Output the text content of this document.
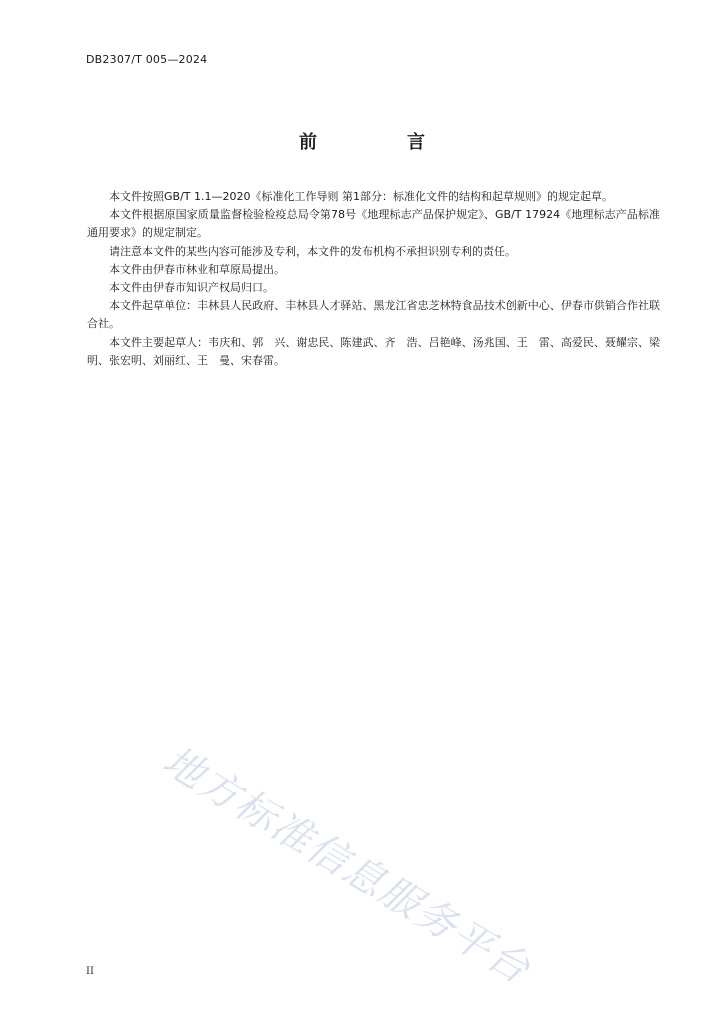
DB2307/T 005—2024
前　言

本文件按照GB/T 1.1—2020《标准化工作导则 第1部分：标准化文件的结构和起草规则》的规定起草。

本文件根据原国家质量监督检验检疫总局令第78号《地理标志产品保护规定》、GB/T 17924《地理标志产品标准通用要求》的规定制定。

请注意本文件的某些内容可能涉及专利，本文件的发布机构不承担识别专利的责任。

本文件由伊春市林业和草原局提出。

本文件由伊春市知识产权局归口。

本文件起草单位：丰林县人民政府、丰林县人才驿站、黑龙江省忠芝林特食品技术创新中心、伊春市供销合作社联合社。

本文件主要起草人：韦庆和、郭　兴、谢忠民、陈建武、齐　浩、吕艳峰、汤兆国、王　雷、高爱民、聂耀宗、梁　明、张宏明、刘丽红、王　曼、宋春雷。

地方标准信息服务平台
II
